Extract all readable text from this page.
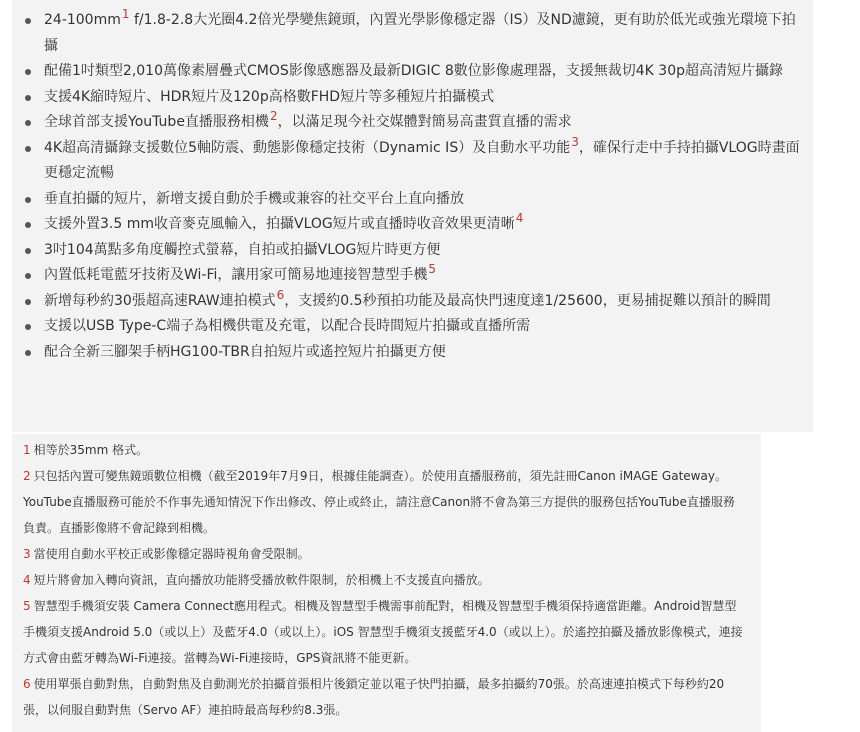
$24-100mm^1$ f/1.8-2.8大光圈4.2倍光學變焦鏡頭，內置光學影像穩定器（IS）及ND濾鏡，更有助於低光或強光環境下拍攝
配備1吋類型2,010萬像素層疊式CMOS影像感應器及最新DIGIC 8數位影像處理器，支援無裁切4K 30p超高清短片攝錄
支援4K縮時短片、HDR短片及120p高格數FHD短片等多種短片拍攝模式
全球首部支援YouTube直播服務相機$^2$，以滿足現今社交媒體對簡易高畫質直播的需求
4K超高清攝錄支援數位5軸防震、動態影像穩定技術（Dynamic IS）及自動水平功能$^3$，確保行走中手持拍攝VLOG時畫面更穩定流暢
垂直拍攝的短片，新增支援自動於手機或兼容的社交平台上直向播放
支援外置3.5 mm收音麥克風輸入，拍攝VLOG短片或直播時收音效果更清晰$^4$
3吋104萬點多角度觸控式螢幕，自拍或拍攝VLOG短片時更方便
內置低耗電藍牙技術及Wi-Fi，讓用家可簡易地連接智慧型手機$^5$
新增每秒約30張超高速RAW連拍模式$^6$，支援約0.5秒預拍功能及最高快門速度達1/25600，更易捕捉難以預計的瞬間
支援以USB Type-C端子為相機供電及充電，以配合長時間短片拍攝或直播所需
配合全新三腳架手柄HG100-TBR自拍短片或遙控短片拍攝更方便

1 相等於35mm 格式。

2 只包括內置可變焦鏡頭數位相機（截至2019年7月9日，根據佳能調查）。於使用直播服務前，須先註冊Canon iMAGE Gateway。YouTube直播服務可能於不作事先通知情況下作出修改、停止或終止，請注意Canon將不會為第三方提供的服務包括YouTube直播服務負責。直播影像將不會記錄到相機。

3 當使用自動水平校正或影像穩定器時視角會受限制。

4 短片將會加入轉向資訊，直向播放功能將受播放軟件限制，於相機上不支援直向播放。

5 智慧型手機須安裝 Camera Connect應用程式。相機及智慧型手機需事前配對，相機及智慧型手機須保持適當距離。Android智慧型手機須支援Android 5.0（或以上）及藍牙4.0（或以上）。iOS 智慧型手機須支援藍牙4.0（或以上）。於遙控拍攝及播放影像模式，連接方式會由藍牙轉為Wi-Fi連接。當轉為Wi-Fi連接時，GPS資訊將不能更新。

6 使用單張自動對焦，自動對焦及自動測光於拍攝首張相片後鎖定並以電子快門拍攝，最多拍攝約70張。於高速連拍模式下每秒約20張，以伺服自動對焦（Servo AF）連拍時最高每秒約8.3張。
